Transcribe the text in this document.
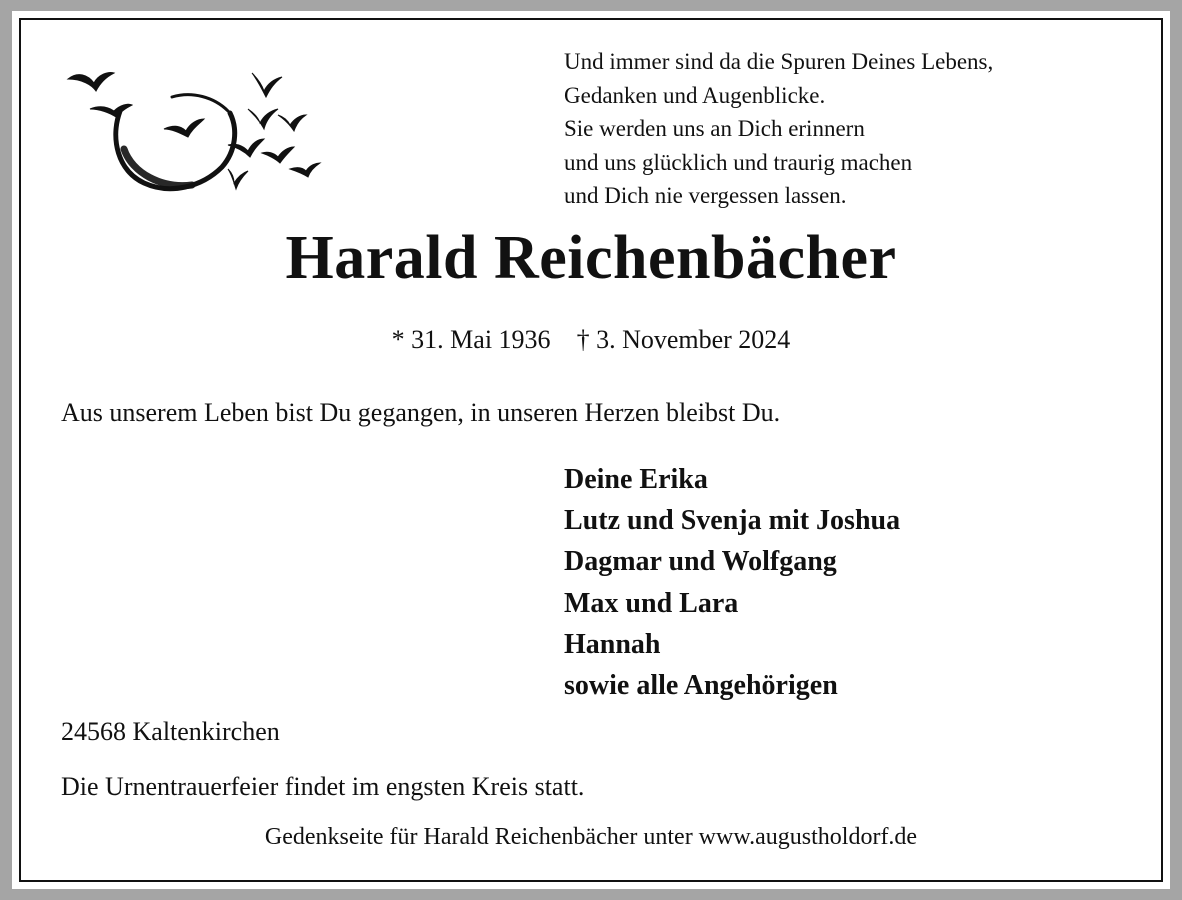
Und immer sind da die Spuren Deines Lebens,
Gedanken und Augenblicke.
Sie werden uns an Dich erinnern
und uns glücklich und traurig machen
und Dich nie vergessen lassen.
Harald Reichenbächer
* 31. Mai 1936 † 3. November 2024
Aus unserem Leben bist Du gegangen, in unseren Herzen bleibst Du.
Deine Erika
Lutz und Svenja mit Joshua
Dagmar und Wolfgang
Max und Lara
Hannah
sowie alle Angehörigen
24568 Kaltenkirchen
Die Urnentrauerfeier findet im engsten Kreis statt.
Gedenkseite für Harald Reichenbächer unter www.augustholdorf.de
